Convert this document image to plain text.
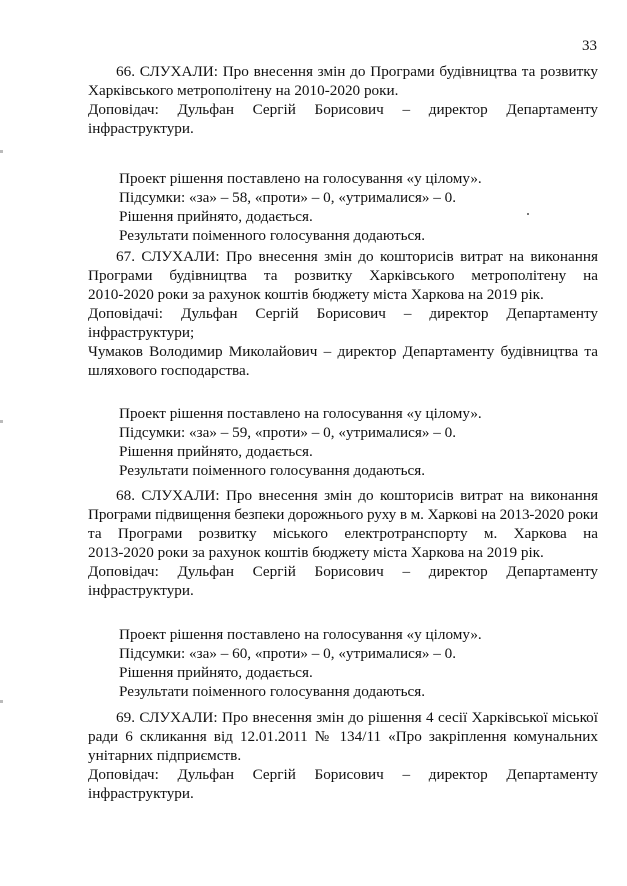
33

66. СЛУХАЛИ: Про внесення змін до Програми будівництва та розвитку

Харківського метрополітену на 2010-2020 роки.

Доповідач: Дульфан Сергій Борисович – директор Департаменту

інфраструктури.

Проект рішення поставлено на голосування «у цілому».
Підсумки: «за» – 58, «проти» – 0, «утрималися» – 0.
Рішення прийнято, додається.
Результати поіменного голосування додаються.

67. СЛУХАЛИ: Про внесення змін до кошторисів витрат на виконання

Програми будівництва та розвитку Харківського метрополітену на

2010-2020 роки за рахунок коштів бюджету міста Харкова на 2019 рік.

Доповідачі: Дульфан Сергій Борисович – директор Департаменту

інфраструктури;

Чумаков Володимир Миколайович – директор Департаменту будівництва та

шляхового господарства.

Проект рішення поставлено на голосування «у цілому».
Підсумки: «за» – 59, «проти» – 0, «утрималися» – 0.
Рішення прийнято, додається.
Результати поіменного голосування додаються.

68. СЛУХАЛИ: Про внесення змін до кошторисів витрат на виконання

Програми підвищення безпеки дорожнього руху в м. Харкові на 2013-2020 роки

та Програми розвитку міського електротранспорту м. Харкова на

2013-2020 роки за рахунок коштів бюджету міста Харкова на 2019 рік.

Доповідач: Дульфан Сергій Борисович – директор Департаменту

інфраструктури.

Проект рішення поставлено на голосування «у цілому».
Підсумки: «за» – 60, «проти» – 0, «утрималися» – 0.
Рішення прийнято, додається.
Результати поіменного голосування додаються.

69. СЛУХАЛИ: Про внесення змін до рішення 4 сесії Харківської міської

ради 6 скликання від 12.01.2011 № 134/11 «Про закріплення комунальних

унітарних підприємств.

Доповідач: Дульфан Сергій Борисович – директор Департаменту

інфраструктури.
